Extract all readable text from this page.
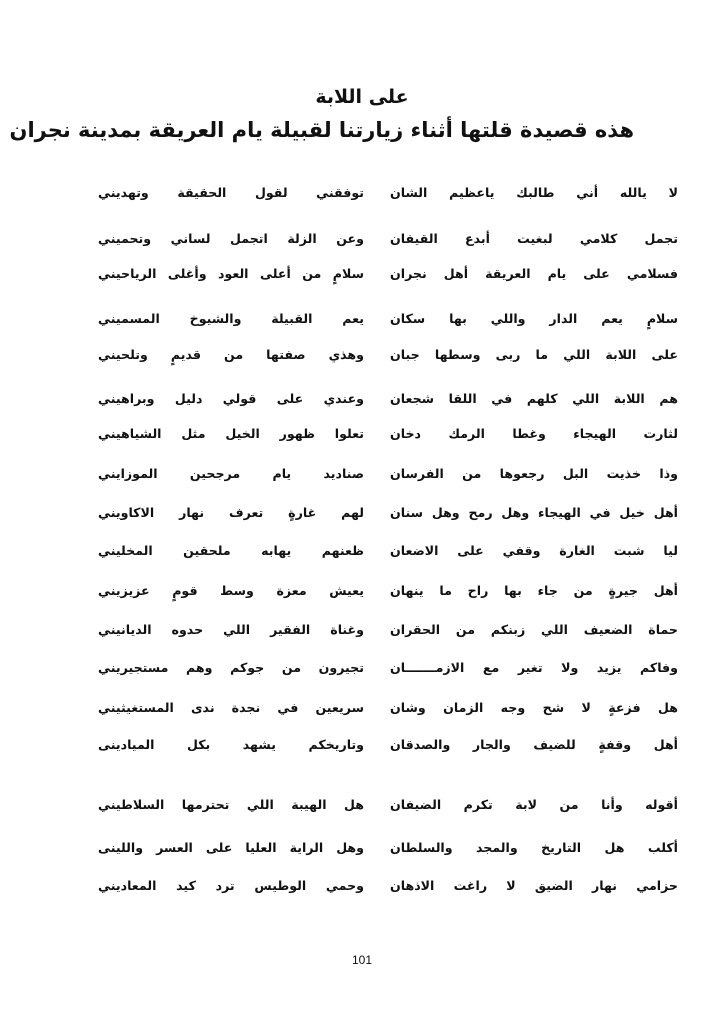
على اللابة
هذه قصيدة قلتها أثناء زيارتنا لقبيلة يام العريقة بمدينة نجران
لا يالله أني طالبك ياعظيم الشان
توفقني لقول الحقيقة وتهديني
تجمل كلامي لبغيت أبدع القيفان
وعن الزلة اتجمل لساني وتحميني
فسلامي على يام العريقة أهل نجران
سلامٍ من أعلى العود وأغلى الرياحيني
سلامٍ يعم الدار واللي بها سكان
يعم القبيلة والشيوخ المسميني
على اللابة اللي ما ربى وسطها جبان
وهذي صفتها من قديمٍ وتلحيني
هم اللابة اللي كلهم في اللقا شجعان
وعندي على قولي دليل وبراهيني
لثارت الهيجاء وغطا الرمك دخان
تعلوا ظهور الخيل مثل الشياهيني
وذا خذيت البل رجعوها من الفرسان
صناديد يام مرجحين الموزايني
أهل خيل في الهيجاء وهل رمح وهل سنان
لهم غارةٍ تعرف نهار الاكاويني
ليا شبت الغارة وقفي على الاضعان
ظعنهم يهابه ملحقين المخليني
أهل جيرةٍ من جاء بها راح ما ينهان
يعيش معزة وسط قومٍ عزيزيني
حماة الضعيف اللي زبنكم من الحقران
وغناة الفقير اللي حدوه الديانيني
وفاكم يزيد ولا تغير مع الازمـــــــان
تجيرون من جوكم وهم مستجيريني
هل فزعةٍ لا شح وجه الزمان وشان
سريعين في نجدة ندى المستغيثيني
أهل وقفةٍ للضيف والجار والصدقان
وتاريخكم يشهد بكل الميادينى
أقوله وأنا من لابة تكرم الضيفان
هل الهيبة اللي تحترمها السلاطيني
أكلب هل التاريخ والمجد والسلطان
وهل الراية العليا على العسر واللينى
حزامي نهار الضيق لا راغت الاذهان
وحمي الوطيس ترد كيد المعاديني
101
